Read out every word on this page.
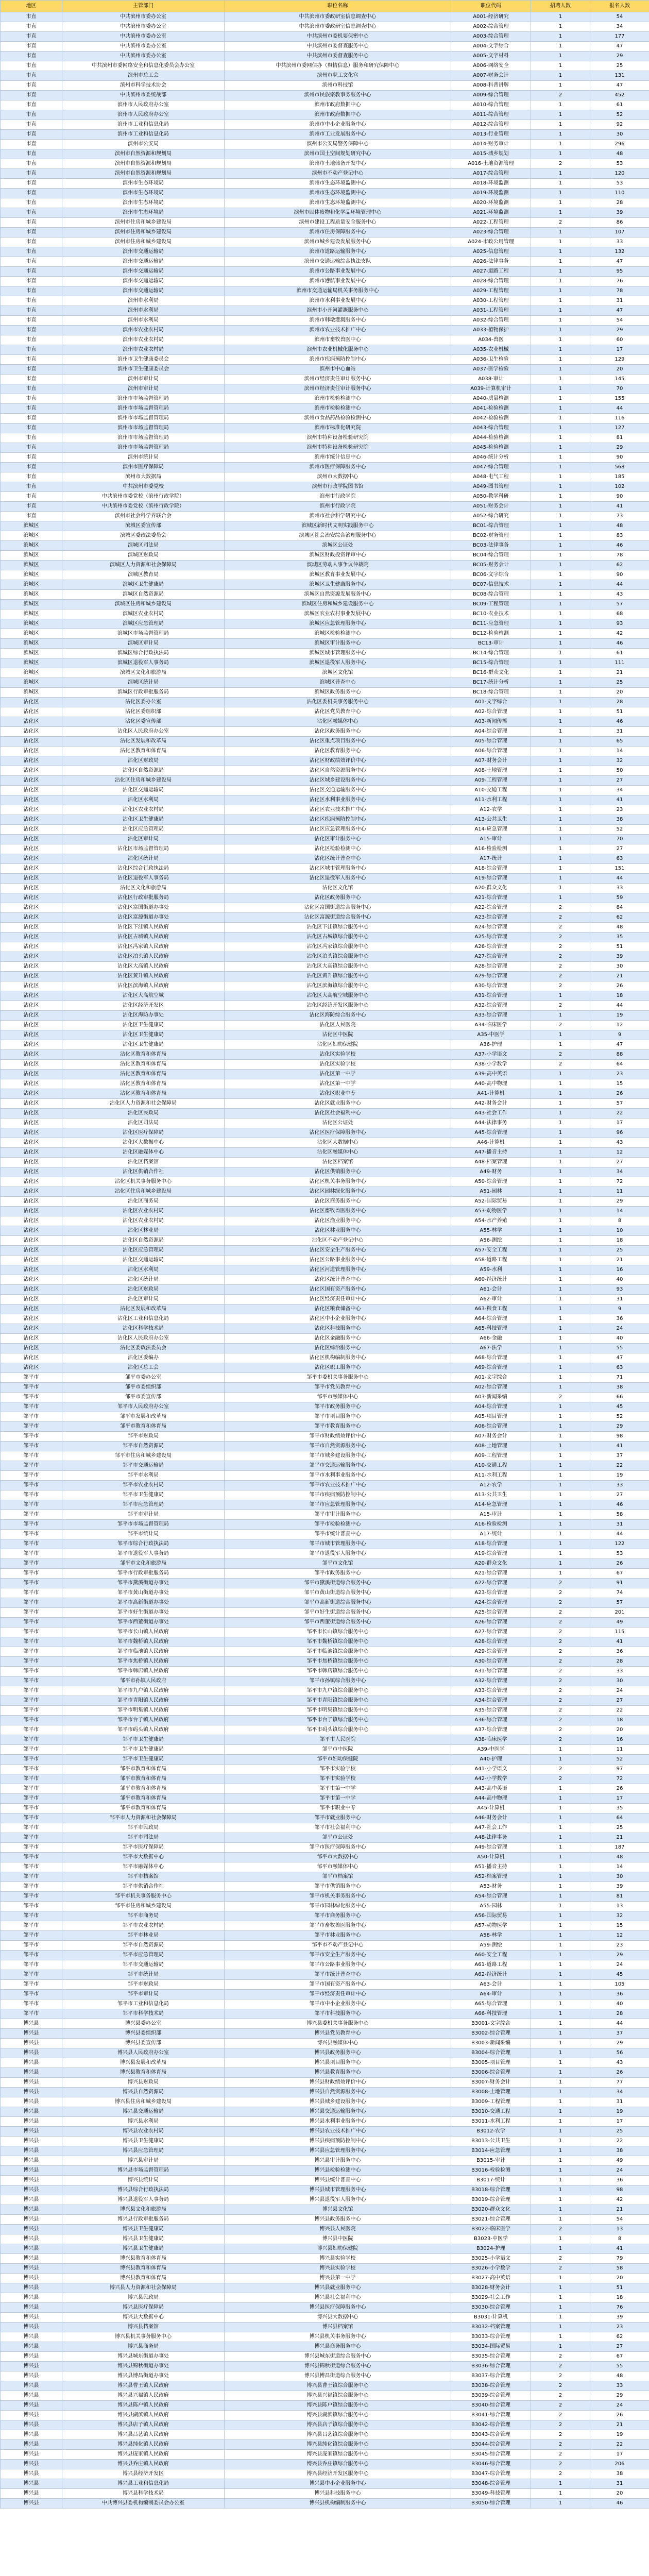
地区	主管部门	职位名称	职位代码	招聘人数	报名人数
市直	中共滨州市委办公室	中共滨州市委政研室信息调查中心	A001-经济研究	1	54
市直	中共滨州市委办公室	中共滨州市委政研室信息调查中心	A002-综合管理	1	34
市直	中共滨州市委办公室	中共滨州市委机要保密中心	A003-综合管理	1	177
市直	中共滨州市委办公室	中共滨州市委督查服务中心	A004-文字综合	1	47
市直	中共滨州市委办公室	中共滨州市委督查服务中心	A005-文字材料	1	29
市直	中共滨州市委网络安全和信息化委员会办公室	中共滨州市委网信办（舆情信息）服务和研究保障中心	A006-网络安全	1	25
市直	滨州市总工会	滨州市职工文化宫	A007-财务会计	1	131
市直	滨州市科学技术协会	滨州市科技馆	A008-科普讲解	1	47
市直	中共滨州市委统战部	滨州市民族宗教事务服务中心	A009-综合管理	2	452
市直	滨州市人民政府办公室	滨州市政府数据中心	A010-综合管理	1	61
市直	滨州市人民政府办公室	滨州市政府数据中心	A011-综合管理	1	52
市直	滨州市工业和信息化局	滨州市中小企业服务中心	A012-综合管理	1	92
市直	滨州市工业和信息化局	滨州市工业发展服务中心	A013-行业管理	1	30
市直	滨州市公安局	滨州市公安局警务保障中心	A014-财务审计	1	296
市直	滨州市自然资源和规划局	滨州市国土空间规划研究中心	A015-城乡规划	1	48
市直	滨州市自然资源和规划局	滨州市土地储备开发中心	A016-土地资源管理	2	53
市直	滨州市自然资源和规划局	滨州市不动产登记中心	A017-综合管理	1	120
市直	滨州市生态环境局	滨州市生态环境监测中心	A018-环境监测	1	53
市直	滨州市生态环境局	滨州市生态环境监测中心	A019-环境监测	1	110
市直	滨州市生态环境局	滨州市生态环境监测中心	A020-环境监测	1	28
市直	滨州市生态环境局	滨州市固体废物和化学品环境管理中心	A021-环境监测	1	39
市直	滨州市住房和城乡建设局	滨州市建设工程质量安全服务中心	A022-工程管理	2	86
市直	滨州市住房和城乡建设局	滨州市住房保障服务中心	A023-综合管理	1	107
市直	滨州市住房和城乡建设局	滨州市城乡建设发展服务中心	A024-市政公用管理	1	33
市直	滨州市交通运输局	滨州市道路运输服务中心	A025-信息管理	1	132
市直	滨州市交通运输局	滨州市交通运输综合执法支队	A026-法律事务	1	47
市直	滨州市交通运输局	滨州市公路事业发展中心	A027-道路工程	1	95
市直	滨州市交通运输局	滨州市港航事业发展中心	A028-综合管理	1	76
市直	滨州市交通运输局	滨州市交通运输局机关事务服务中心	A029-工程管理	1	78
市直	滨州市水利局	滨州市水利事业发展中心	A030-工程管理	1	31
市直	滨州市水利局	滨州市小开河灌溉服务中心	A031-工程管理	1	47
市直	滨州市水利局	滨州市韩墩灌溉服务中心	A032-综合管理	1	54
市直	滨州市农业农村局	滨州市农业技术推广中心	A033-植物保护	1	29
市直	滨州市农业农村局	滨州市畜牧兽医中心	A034-兽医	1	60
市直	滨州市农业农村局	滨州市农业机械化服务中心	A035-农业机械	1	17
市直	滨州市卫生健康委员会	滨州市疾病预防控制中心	A036-卫生检验	1	129
市直	滨州市卫生健康委员会	滨州市中心血站	A037-医学检验	1	20
市直	滨州市审计局	滨州市经济责任审计服务中心	A038-审计	1	145
市直	滨州市审计局	滨州市经济责任审计服务中心	A039-计算机审计	1	70
市直	滨州市市场监督管理局	滨州市检验检测中心	A040-质量检测	1	155
市直	滨州市市场监督管理局	滨州市检验检测中心	A041-检验检测	1	44
市直	滨州市市场监督管理局	滨州市食品药品检验检测中心	A042-检验检测	1	116
市直	滨州市市场监督管理局	滨州市标准化研究院	A043-综合管理	1	127
市直	滨州市市场监督管理局	滨州市特种设备检验研究院	A044-检验检测	1	81
市直	滨州市市场监督管理局	滨州市特种设备检验研究院	A045-检验检测	1	29
市直	滨州市统计局	滨州市统计信息中心	A046-统计分析	1	90
市直	滨州市医疗保障局	滨州市医疗保障服务中心	A047-综合管理	1	568
市直	滨州市大数据局	滨州市大数据中心	A048-电气工程	1	185
市直	中共滨州市委党校	滨州市行政学院图书馆	A049-图书管理	1	102
市直	中共滨州市委党校（滨州行政学院）	滨州市行政学院	A050-教学科研	1	90
市直	中共滨州市委党校（滨州行政学院）	滨州市行政学院	A051-财务会计	1	41
市直	滨州市社会科学界联合会	滨州市社会科学研究中心	A052-综合研究	1	73
滨城区	滨城区委宣传部	滨城区新时代文明实践服务中心	BC01-综合管理	1	48
滨城区	滨城区委政法委员会	滨城区社会治安综合治理服务中心	BC02-财务管理	1	83
滨城区	滨城区司法局	滨城区公证处	BC03-法律事务	1	46
滨城区	滨城区财政局	滨城区财政投资评审中心	BC04-综合管理	1	78
滨城区	滨城区人力资源和社会保障局	滨城区劳动人事争议仲裁院	BC05-财务会计	1	62
滨城区	滨城区教育局	滨城区教育事业发展中心	BC06-文字综合	1	90
滨城区	滨城区卫生健康局	滨城区卫生健康服务中心	BC07-信息技术	1	44
滨城区	滨城区自然资源局	滨城区自然资源发展服务中心	BC08-综合管理	1	43
滨城区	滨城区住房和城乡建设局	滨城区住房和城乡建设服务中心	BC09-工程管理	1	57
滨城区	滨城区农业农村局	滨城区农业农村事业发展中心	BC10-农业技术	1	68
滨城区	滨城区应急管理局	滨城区应急管理服务中心	BC11-应急管理	1	93
滨城区	滨城区市场监督管理局	滨城区检验检测中心	BC12-检验检测	1	42
滨城区	滨城区审计局	滨城区审计服务中心	BC13-审计	1	46
滨城区	滨城区综合行政执法局	滨城区城市管理服务中心	BC14-综合管理	1	61
滨城区	滨城区退役军人事务局	滨城区退役军人服务中心	BC15-综合管理	1	111
滨城区	滨城区文化和旅游局	滨城区文化馆	BC16-群众文化	1	21
滨城区	滨城区统计局	滨城区普查中心	BC17-统计分析	1	25
滨城区	滨城区行政审批服务局	滨城区政务服务中心	BC18-综合管理	1	20
沾化区	沾化区委办公室	沾化区委机关事务服务中心	A01-文字综合	1	28
沾化区	沾化区委组织部	沾化区党员教育中心	A02-综合管理	1	51
沾化区	沾化区委宣传部	沾化区融媒体中心	A03-新闻传播	1	46
沾化区	沾化区人民政府办公室	沾化区政务服务中心	A04-综合管理	1	31
沾化区	沾化区发展和改革局	沾化区重点项目服务中心	A05-综合管理	1	65
沾化区	沾化区教育和体育局	沾化区教育服务中心	A06-综合管理	1	14
沾化区	沾化区财政局	沾化区财政绩效评价中心	A07-财务会计	1	32
沾化区	沾化区自然资源局	沾化区自然资源服务中心	A08-土地管理	1	50
沾化区	沾化区住房和城乡建设局	沾化区城乡建设服务中心	A09-工程管理	1	27
沾化区	沾化区交通运输局	沾化区交通运输服务中心	A10-交通工程	1	34
沾化区	沾化区水利局	沾化区水利事业服务中心	A11-水利工程	1	41
沾化区	沾化区农业农村局	沾化区农业技术推广中心	A12-农学	1	23
沾化区	沾化区卫生健康局	沾化区疾病预防控制中心	A13-公共卫生	1	38
沾化区	沾化区应急管理局	沾化区应急管理服务中心	A14-应急管理	1	52
沾化区	沾化区审计局	沾化区审计服务中心	A15-审计	1	70
沾化区	沾化区市场监督管理局	沾化区检验检测中心	A16-检验检测	1	27
沾化区	沾化区统计局	沾化区统计普查中心	A17-统计	1	63
沾化区	沾化区综合行政执法局	沾化区城市管理服务中心	A18-综合管理	1	151
沾化区	沾化区退役军人事务局	沾化区退役军人服务中心	A19-综合管理	1	44
沾化区	沾化区文化和旅游局	沾化区文化馆	A20-群众文化	1	33
沾化区	沾化区行政审批服务局	沾化区政务服务中心	A21-综合管理	1	59
沾化区	沾化区富国街道办事处	沾化区富国街道综合服务中心	A22-综合管理	2	84
沾化区	沾化区富源街道办事处	沾化区富源街道综合服务中心	A23-综合管理	2	62
沾化区	沾化区下洼镇人民政府	沾化区下洼镇综合服务中心	A24-综合管理	2	48
沾化区	沾化区古城镇人民政府	沾化区古城镇综合服务中心	A25-综合管理	2	35
沾化区	沾化区冯家镇人民政府	沾化区冯家镇综合服务中心	A26-综合管理	2	51
沾化区	沾化区泊头镇人民政府	沾化区泊头镇综合服务中心	A27-综合管理	2	39
沾化区	沾化区大高镇人民政府	沾化区大高镇综合服务中心	A28-综合管理	2	30
沾化区	沾化区黄升镇人民政府	沾化区黄升镇综合服务中心	A29-综合管理	2	21
沾化区	沾化区滨海镇人民政府	沾化区滨海镇综合服务中心	A30-综合管理	2	26
沾化区	沾化区大高航空城	沾化区大高航空城服务中心	A31-综合管理	1	18
沾化区	沾化区经济开发区	沾化区经济开发区服务中心	A32-综合管理	2	44
沾化区	沾化区海防办事处	沾化区海防综合服务中心	A33-综合管理	1	19
沾化区	沾化区卫生健康局	沾化区人民医院	A34-临床医学	2	12
沾化区	沾化区卫生健康局	沾化区中医院	A35-中医学	1	9
沾化区	沾化区卫生健康局	沾化区妇幼保健院	A36-护理	1	47
沾化区	沾化区教育和体育局	沾化区实验学校	A37-小学语文	2	88
沾化区	沾化区教育和体育局	沾化区实验学校	A38-小学数学	2	64
沾化区	沾化区教育和体育局	沾化区第一中学	A39-高中英语	1	23
沾化区	沾化区教育和体育局	沾化区第一中学	A40-高中物理	1	15
沾化区	沾化区教育和体育局	沾化区职业中专	A41-计算机	1	26
沾化区	沾化区人力资源和社会保障局	沾化区就业服务中心	A42-财务会计	1	57
沾化区	沾化区民政局	沾化区社会福利中心	A43-社会工作	1	22
沾化区	沾化区司法局	沾化区公证处	A44-法律事务	1	17
沾化区	沾化区医疗保障局	沾化区医疗保障服务中心	A45-综合管理	1	96
沾化区	沾化区大数据中心	沾化区大数据中心	A46-计算机	1	43
沾化区	沾化区融媒体中心	沾化区融媒体中心	A47-播音主持	1	12
沾化区	沾化区档案馆	沾化区档案馆	A48-档案管理	1	27
沾化区	沾化区供销合作社	沾化区供销服务中心	A49-财务	1	34
沾化区	沾化区机关事务服务中心	沾化区机关事务服务中心	A50-综合管理	1	72
沾化区	沾化区住房和城乡建设局	沾化区园林绿化服务中心	A51-园林	1	11
沾化区	沾化区商务局	沾化区商务服务中心	A52-国际贸易	1	29
沾化区	沾化区农业农村局	沾化区畜牧兽医服务中心	A53-动物医学	1	14
沾化区	沾化区农业农村局	沾化区渔业服务中心	A54-水产养殖	1	8
沾化区	沾化区林业局	沾化区林业服务中心	A55-林学	1	10
沾化区	沾化区自然资源局	沾化区不动产登记中心	A56-测绘	1	18
沾化区	沾化区应急管理局	沾化区安全生产服务中心	A57-安全工程	1	25
沾化区	沾化区交通运输局	沾化区公路事业服务中心	A58-道路工程	1	21
沾化区	沾化区水利局	沾化区河道管理服务中心	A59-水利	1	16
沾化区	沾化区统计局	沾化区统计普查中心	A60-经济统计	1	40
沾化区	沾化区财政局	沾化区国有资产服务中心	A61-会计	1	93
沾化区	沾化区审计局	沾化区经济责任审计中心	A62-审计	1	31
沾化区	沾化区发展和改革局	沾化区粮食储备中心	A63-粮食工程	1	9
沾化区	沾化区工业和信息化局	沾化区中小企业服务中心	A64-综合管理	1	36
沾化区	沾化区科学技术局	沾化区科技服务中心	A65-科技管理	1	24
沾化区	沾化区人民政府办公室	沾化区金融服务中心	A66-金融	1	40
沾化区	沾化区委政法委员会	沾化区综治服务中心	A67-法学	1	55
沾化区	沾化区委编办	沾化区机构编制服务中心	A68-综合管理	1	47
沾化区	沾化区总工会	沾化区职工服务中心	A69-综合管理	1	63
邹平市	邹平市委办公室	邹平市委机关事务服务中心	A01-文字综合	1	71
邹平市	邹平市委组织部	邹平市党员教育中心	A02-综合管理	1	38
邹平市	邹平市委宣传部	邹平市融媒体中心	A03-新闻采编	2	66
邹平市	邹平市人民政府办公室	邹平市政务服务中心	A04-综合管理	1	45
邹平市	邹平市发展和改革局	邹平市项目服务中心	A05-项目管理	1	52
邹平市	邹平市教育和体育局	邹平市教育服务中心	A06-综合管理	1	29
邹平市	邹平市财政局	邹平市财政绩效评价中心	A07-财务会计	1	98
邹平市	邹平市自然资源局	邹平市自然资源服务中心	A08-土地管理	1	41
邹平市	邹平市住房和城乡建设局	邹平市城乡建设服务中心	A09-工程管理	1	37
邹平市	邹平市交通运输局	邹平市交通运输服务中心	A10-交通工程	1	22
邹平市	邹平市水利局	邹平市水利事业服务中心	A11-水利工程	1	19
邹平市	邹平市农业农村局	邹平市农业技术推广中心	A12-农学	1	33
邹平市	邹平市卫生健康局	邹平市疾病预防控制中心	A13-公共卫生	1	27
邹平市	邹平市应急管理局	邹平市应急管理服务中心	A14-应急管理	1	46
邹平市	邹平市审计局	邹平市审计服务中心	A15-审计	1	58
邹平市	邹平市市场监督管理局	邹平市检验检测中心	A16-检验检测	1	31
邹平市	邹平市统计局	邹平市统计普查中心	A17-统计	1	44
邹平市	邹平市综合行政执法局	邹平市城市管理服务中心	A18-综合管理	1	122
邹平市	邹平市退役军人事务局	邹平市退役军人服务中心	A19-综合管理	1	53
邹平市	邹平市文化和旅游局	邹平市文化馆	A20-群众文化	1	26
邹平市	邹平市行政审批服务局	邹平市政务服务中心	A21-综合管理	1	67
邹平市	邹平市黛溪街道办事处	邹平市黛溪街道综合服务中心	A22-综合管理	2	91
邹平市	邹平市黄山街道办事处	邹平市黄山街道综合服务中心	A23-综合管理	2	74
邹平市	邹平市高新街道办事处	邹平市高新街道综合服务中心	A24-综合管理	2	57
邹平市	邹平市好生街道办事处	邹平市好生街道综合服务中心	A25-综合管理	2	201
邹平市	邹平市西董街道办事处	邹平市西董街道综合服务中心	A26-综合管理	2	49
邹平市	邹平市长山镇人民政府	邹平市长山镇综合服务中心	A27-综合管理	2	115
邹平市	邹平市魏桥镇人民政府	邹平市魏桥镇综合服务中心	A28-综合管理	2	41
邹平市	邹平市临池镇人民政府	邹平市临池镇综合服务中心	A29-综合管理	2	36
邹平市	邹平市焦桥镇人民政府	邹平市焦桥镇综合服务中心	A30-综合管理	2	28
邹平市	邹平市韩店镇人民政府	邹平市韩店镇综合服务中心	A31-综合管理	2	33
邹平市	邹平市孙镇人民政府	邹平市孙镇综合服务中心	A32-综合管理	2	30
邹平市	邹平市九户镇人民政府	邹平市九户镇综合服务中心	A33-综合管理	2	24
邹平市	邹平市青阳镇人民政府	邹平市青阳镇综合服务中心	A34-综合管理	2	27
邹平市	邹平市明集镇人民政府	邹平市明集镇综合服务中心	A35-综合管理	2	22
邹平市	邹平市台子镇人民政府	邹平市台子镇综合服务中心	A36-综合管理	2	18
邹平市	邹平市码头镇人民政府	邹平市码头镇综合服务中心	A37-综合管理	2	20
邹平市	邹平市卫生健康局	邹平市人民医院	A38-临床医学	2	16
邹平市	邹平市卫生健康局	邹平市中医院	A39-中医学	1	11
邹平市	邹平市卫生健康局	邹平市妇幼保健院	A40-护理	1	52
邹平市	邹平市教育和体育局	邹平市实验学校	A41-小学语文	2	97
邹平市	邹平市教育和体育局	邹平市实验学校	A42-小学数学	2	72
邹平市	邹平市教育和体育局	邹平市第一中学	A43-高中英语	1	26
邹平市	邹平市教育和体育局	邹平市第一中学	A44-高中物理	1	17
邹平市	邹平市教育和体育局	邹平市职业中专	A45-计算机	1	35
邹平市	邹平市人力资源和社会保障局	邹平市就业服务中心	A46-财务会计	1	64
邹平市	邹平市民政局	邹平市社会福利中心	A47-社会工作	1	25
邹平市	邹平市司法局	邹平市公证处	A48-法律事务	1	21
邹平市	邹平市医疗保障局	邹平市医疗保障服务中心	A49-综合管理	1	187
邹平市	邹平市大数据中心	邹平市大数据中心	A50-计算机	1	48
邹平市	邹平市融媒体中心	邹平市融媒体中心	A51-播音主持	1	14
邹平市	邹平市档案馆	邹平市档案馆	A52-档案管理	1	30
邹平市	邹平市供销合作社	邹平市供销服务中心	A53-财务	1	39
邹平市	邹平市机关事务服务中心	邹平市机关事务服务中心	A54-综合管理	1	81
邹平市	邹平市住房和城乡建设局	邹平市园林绿化服务中心	A55-园林	1	13
邹平市	邹平市商务局	邹平市商务服务中心	A56-国际贸易	1	32
邹平市	邹平市农业农村局	邹平市畜牧兽医服务中心	A57-动物医学	1	15
邹平市	邹平市林业局	邹平市林业服务中心	A58-林学	1	12
邹平市	邹平市自然资源局	邹平市不动产登记中心	A59-测绘	1	23
邹平市	邹平市应急管理局	邹平市安全生产服务中心	A60-安全工程	1	29
邹平市	邹平市交通运输局	邹平市公路事业服务中心	A61-道路工程	1	24
邹平市	邹平市统计局	邹平市统计普查中心	A62-经济统计	1	45
邹平市	邹平市财政局	邹平市国有资产服务中心	A63-会计	1	105
邹平市	邹平市审计局	邹平市经济责任审计中心	A64-审计	1	36
邹平市	邹平市工业和信息化局	邹平市中小企业服务中心	A65-综合管理	1	40
邹平市	邹平市科学技术局	邹平市科技服务中心	A66-科技管理	1	28
博兴县	博兴县委办公室	博兴县委机关事务服务中心	B3001-文字综合	1	44
博兴县	博兴县委组织部	博兴县党员教育中心	B3002-综合管理	1	37
博兴县	博兴县委宣传部	博兴县融媒体中心	B3003-新闻采编	1	29
博兴县	博兴县人民政府办公室	博兴县政务服务中心	B3004-综合管理	1	56
博兴县	博兴县发展和改革局	博兴县项目服务中心	B3005-项目管理	1	43
博兴县	博兴县教育和体育局	博兴县教育服务中心	B3006-综合管理	1	26
博兴县	博兴县财政局	博兴县财政绩效评价中心	B3007-财务会计	1	77
博兴县	博兴县自然资源局	博兴县自然资源服务中心	B3008-土地管理	1	34
博兴县	博兴县住房和城乡建设局	博兴县城乡建设服务中心	B3009-工程管理	1	31
博兴县	博兴县交通运输局	博兴县交通运输服务中心	B3010-交通工程	1	19
博兴县	博兴县水利局	博兴县水利事业服务中心	B3011-水利工程	1	17
博兴县	博兴县农业农村局	博兴县农业技术推广中心	B3012-农学	1	25
博兴县	博兴县卫生健康局	博兴县疾病预防控制中心	B3013-公共卫生	1	22
博兴县	博兴县应急管理局	博兴县应急管理服务中心	B3014-应急管理	1	38
博兴县	博兴县审计局	博兴县审计服务中心	B3015-审计	1	49
博兴县	博兴县市场监督管理局	博兴县检验检测中心	B3016-检验检测	1	24
博兴县	博兴县统计局	博兴县统计普查中心	B3017-统计	1	36
博兴县	博兴县综合行政执法局	博兴县城市管理服务中心	B3018-综合管理	1	98
博兴县	博兴县退役军人事务局	博兴县退役军人服务中心	B3019-综合管理	1	42
博兴县	博兴县文化和旅游局	博兴县文化馆	B3020-群众文化	1	21
博兴县	博兴县行政审批服务局	博兴县政务服务中心	B3021-综合管理	1	54
博兴县	博兴县卫生健康局	博兴县人民医院	B3022-临床医学	2	13
博兴县	博兴县卫生健康局	博兴县中医院	B3023-中医学	1	8
博兴县	博兴县卫生健康局	博兴县妇幼保健院	B3024-护理	1	41
博兴县	博兴县教育和体育局	博兴县实验学校	B3025-小学语文	2	79
博兴县	博兴县教育和体育局	博兴县实验学校	B3026-小学数学	2	58
博兴县	博兴县教育和体育局	博兴县第一中学	B3027-高中英语	1	20
博兴县	博兴县人力资源和社会保障局	博兴县就业服务中心	B3028-财务会计	1	51
博兴县	博兴县民政局	博兴县社会福利中心	B3029-社会工作	1	18
博兴县	博兴县医疗保障局	博兴县医疗保障服务中心	B3030-综合管理	1	76
博兴县	博兴县大数据中心	博兴县大数据中心	B3031-计算机	1	39
博兴县	博兴县档案馆	博兴县档案馆	B3032-档案管理	1	23
博兴县	博兴县机关事务服务中心	博兴县机关事务服务中心	B3033-综合管理	1	62
博兴县	博兴县商务局	博兴县商务服务中心	B3034-国际贸易	1	27
博兴县	博兴县城东街道办事处	博兴县城东街道综合服务中心	B3035-综合管理	2	67
博兴县	博兴县锦秋街道办事处	博兴县锦秋街道综合服务中心	B3036-综合管理	2	55
博兴县	博兴县博昌街道办事处	博兴县博昌街道综合服务中心	B3037-综合管理	2	48
博兴县	博兴县曹王镇人民政府	博兴县曹王镇综合服务中心	B3038-综合管理	2	33
博兴县	博兴县兴福镇人民政府	博兴县兴福镇综合服务中心	B3039-综合管理	2	29
博兴县	博兴县陈户镇人民政府	博兴县陈户镇综合服务中心	B3040-综合管理	2	24
博兴县	博兴县湖滨镇人民政府	博兴县湖滨镇综合服务中心	B3041-综合管理	2	26
博兴县	博兴县店子镇人民政府	博兴县店子镇综合服务中心	B3042-综合管理	2	21
博兴县	博兴县吕艺镇人民政府	博兴县吕艺镇综合服务中心	B3043-综合管理	2	19
博兴县	博兴县纯化镇人民政府	博兴县纯化镇综合服务中心	B3044-综合管理	2	22
博兴县	博兴县庞家镇人民政府	博兴县庞家镇综合服务中心	B3045-综合管理	2	17
博兴县	博兴县乔庄镇人民政府	博兴县乔庄镇综合服务中心	B3046-综合管理	2	206
博兴县	博兴县经济开发区	博兴县经济开发区服务中心	B3047-综合管理	2	38
博兴县	博兴县工业和信息化局	博兴县中小企业服务中心	B3048-综合管理	1	31
博兴县	博兴县科学技术局	博兴县科技服务中心	B3049-科技管理	1	20
博兴县	中共博兴县委机构编制委员会办公室	博兴县机构编制服务中心	B3050-综合管理	1	46
